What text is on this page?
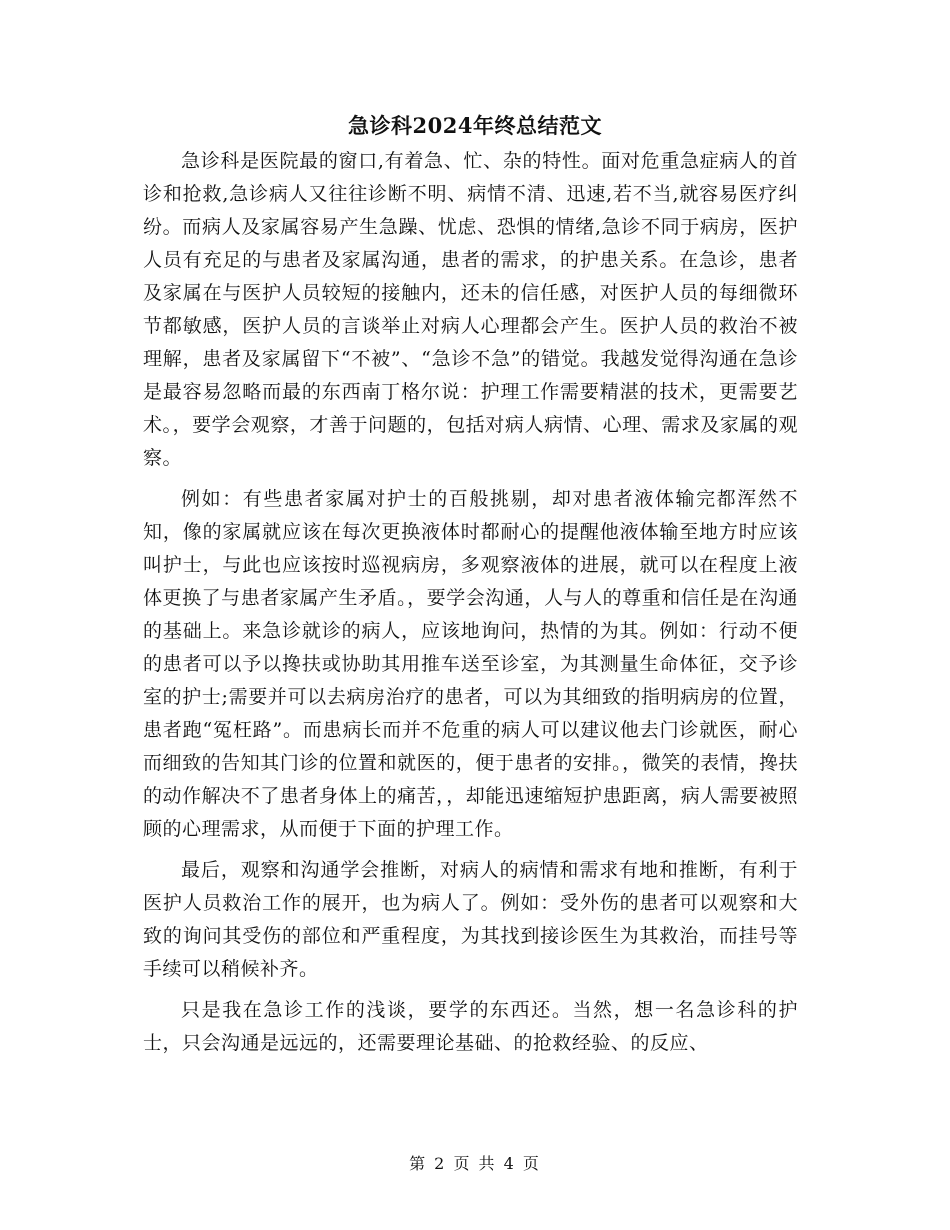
急诊科2024年终总结范文

急诊科是医院最的窗口,有着急、忙、杂的特性。面对危重急症病人的首诊和抢救,急诊病人又往往诊断不明、病情不清、迅速,若不当,就容易医疗纠纷。而病人及家属容易产生急躁、忧虑、恐惧的情绪,急诊不同于病房，医护人员有充足的与患者及家属沟通，患者的需求，的护患关系。在急诊，患者及家属在与医护人员较短的接触内，还未的信任感，对医护人员的每细微环节都敏感，医护人员的言谈举止对病人心理都会产生。医护人员的救治不被理解，患者及家属留下“不被”、“急诊不急”的错觉。我越发觉得沟通在急诊是最容易忽略而最的东西南丁格尔说：护理工作需要精湛的技术，更需要艺术。，要学会观察，才善于问题的，包括对病人病情、心理、需求及家属的观察。

例如：有些患者家属对护士的百般挑剔，却对患者液体输完都浑然不知，像的家属就应该在每次更换液体时都耐心的提醒他液体输至地方时应该叫护士，与此也应该按时巡视病房，多观察液体的进展，就可以在程度上液体更换了与患者家属产生矛盾。，要学会沟通，人与人的尊重和信任是在沟通的基础上。来急诊就诊的病人，应该地询问，热情的为其。例如：行动不便的患者可以予以搀扶或协助其用推车送至诊室，为其测量生命体征，交予诊室的护士;需要并可以去病房治疗的患者，可以为其细致的指明病房的位置，患者跑“冤枉路”。而患病长而并不危重的病人可以建议他去门诊就医，耐心而细致的告知其门诊的位置和就医的，便于患者的安排。，微笑的表情，搀扶的动作解决不了患者身体上的痛苦，，却能迅速缩短护患距离，病人需要被照顾的心理需求，从而便于下面的护理工作。

最后，观察和沟通学会推断，对病人的病情和需求有地和推断，有利于医护人员救治工作的展开，也为病人了。例如：受外伤的患者可以观察和大致的询问其受伤的部位和严重程度，为其找到接诊医生为其救治，而挂号等手续可以稍候补齐。

只是我在急诊工作的浅谈，要学的东西还。当然，想一名急诊科的护士，只会沟通是远远的，还需要理论基础、的抢救经验、的反应、

第 2 页 共 4 页
